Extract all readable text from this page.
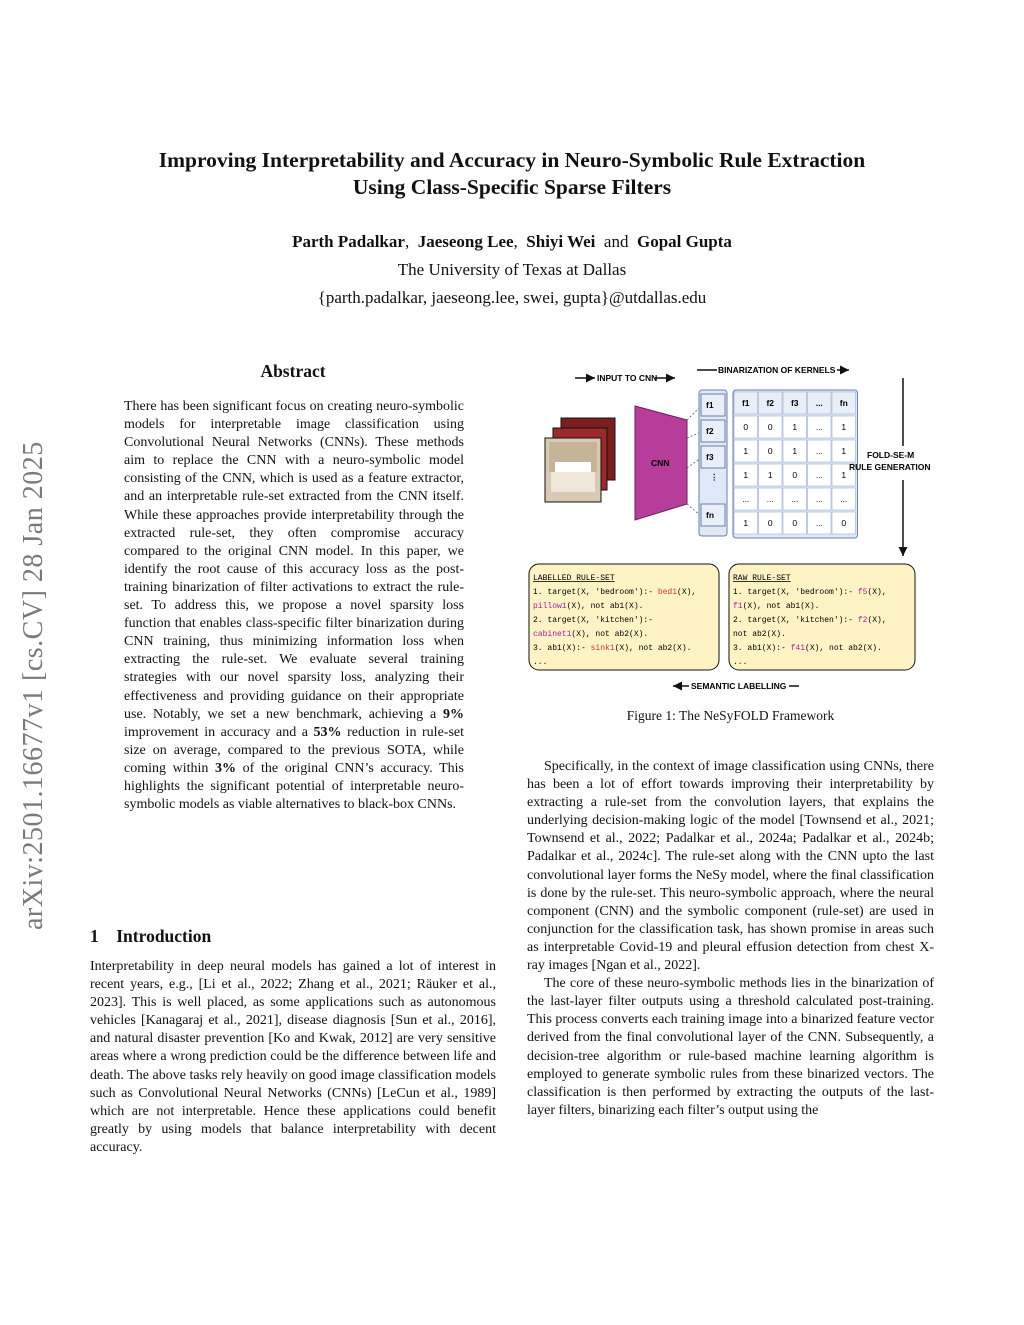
Improving Interpretability and Accuracy in Neuro-Symbolic Rule Extraction
Using Class-Specific Sparse Filters
Parth Padalkar, Jaeseong Lee, Shiyi Wei and Gopal Gupta
The University of Texas at Dallas
{parth.padalkar, jaeseong.lee, swei, gupta}@utdallas.edu
arXiv:2501.16677v1 [cs.CV] 28 Jan 2025
Abstract

There has been significant focus on creating neuro-symbolic models for interpretable image classification using Convolutional Neural Networks (CNNs). These methods aim to replace the CNN with a neuro-symbolic model consisting of the CNN, which is used as a feature extractor, and an interpretable rule-set extracted from the CNN itself. While these approaches provide interpretability through the extracted rule-set, they often compromise accuracy compared to the original CNN model. In this paper, we identify the root cause of this accuracy loss as the post-training binarization of filter activations to extract the rule-set. To address this, we propose a novel sparsity loss function that enables class-specific filter binarization during CNN training, thus minimizing information loss when extracting the rule-set. We evaluate several training strategies with our novel sparsity loss, analyzing their effectiveness and providing guidance on their appropriate use. Notably, we set a new benchmark, achieving a 9% improvement in accuracy and a 53% reduction in rule-set size on average, compared to the previous SOTA, while coming within 3% of the original CNN’s accuracy. This highlights the significant potential of interpretable neuro-symbolic models as viable alternatives to black-box CNNs.

1 Introduction

Interpretability in deep neural models has gained a lot of interest in recent years, e.g., [Li et al., 2022; Zhang et al., 2021; Räuker et al., 2023]. This is well placed, as some applications such as autonomous vehicles [Kanagaraj et al., 2021], disease diagnosis [Sun et al., 2016], and natural disaster prevention [Ko and Kwak, 2012] are very sensitive areas where a wrong prediction could be the difference between life and death. The above tasks rely heavily on good image classification models such as Convolutional Neural Networks (CNNs) [LeCun et al., 1989] which are not interpretable. Hence these applications could benefit greatly by using models that balance interpretability with decent accuracy.

INPUT TO CNN
BINARIZATION OF KERNELS
CNN
f1
f2
f3
⋮
fn
f1 f2 f3 ... fn
0 0 1 ... 1
1 0 1 ... 1
1 1 0 ... 1
... ... ... ... ...
1 0 0 ... 0
FOLD-SE-M
RULE GENERATION
RAW RULE-SET
1. target(X, 'bedroom'):- f5(X),
f1(X), not ab1(X).
2. target(X, 'kitchen'):- f2(X),
not ab2(X).
3. ab1(X):- f41(X), not ab2(X).
...
LABELLED RULE-SET
1. target(X, 'bedroom'):- bed1(X),
pillow1(X), not ab1(X).
2. target(X, 'kitchen'):-
cabinet1(X), not ab2(X).
3. ab1(X):- sink1(X), not ab2(X).
...
SEMANTIC LABELLING
Figure 1: The NeSyFOLD Framework

Specifically, in the context of image classification using CNNs, there has been a lot of effort towards improving their interpretability by extracting a rule-set from the convolution layers, that explains the underlying decision-making logic of the model [Townsend et al., 2021; Townsend et al., 2022; Padalkar et al., 2024a; Padalkar et al., 2024b; Padalkar et al., 2024c]. The rule-set along with the CNN upto the last convolutional layer forms the NeSy model, where the final classification is done by the rule-set. This neuro-symbolic approach, where the neural component (CNN) and the symbolic component (rule-set) are used in conjunction for the classification task, has shown promise in areas such as interpretable Covid-19 and pleural effusion detection from chest X-ray images [Ngan et al., 2022].

The core of these neuro-symbolic methods lies in the binarization of the last-layer filter outputs using a threshold calculated post-training. This process converts each training image into a binarized feature vector derived from the final convolutional layer of the CNN. Subsequently, a decision-tree algorithm or rule-based machine learning algorithm is employed to generate symbolic rules from these binarized vectors. The classification is then performed by extracting the outputs of the last-layer filters, binarizing each filter’s output using the
